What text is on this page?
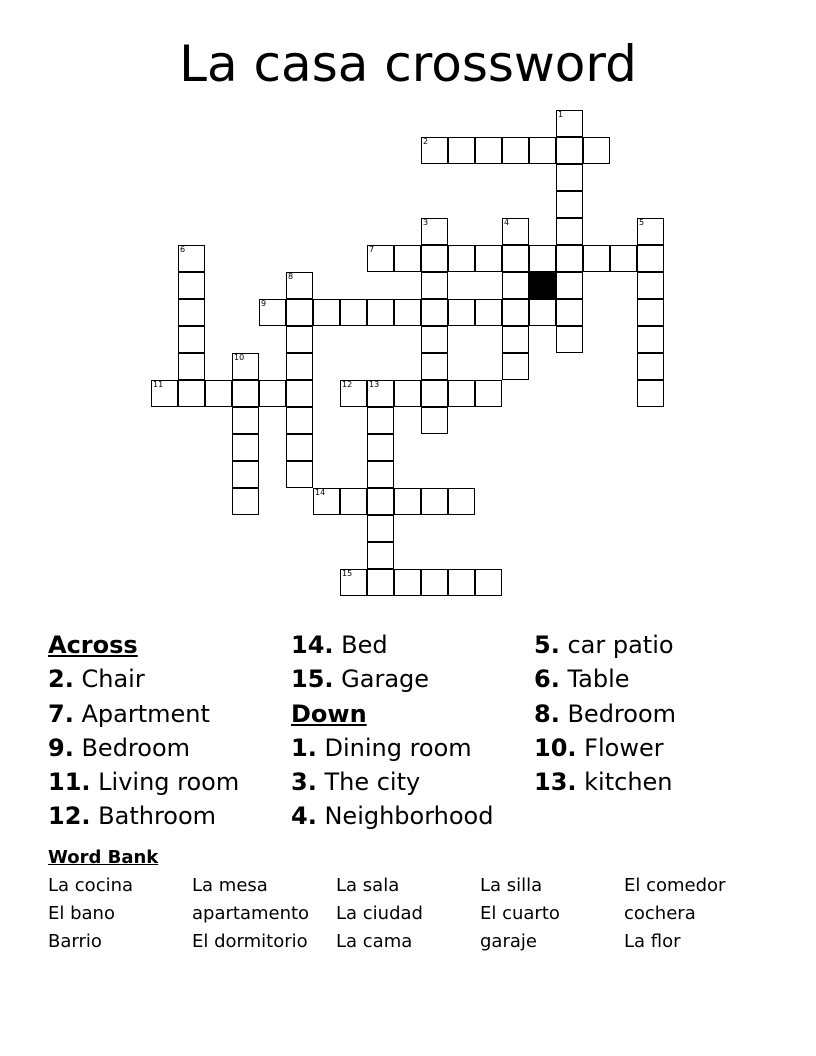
La casa crossword
1
2
3	4	5
6	7
8
9
10
11	12 13
14
15
Across
2. Chair
7. Apartment
9. Bedroom
11. Living room
12. Bathroom
14. Bed
15. Garage
Down
1. Dining room
3. The city
4. Neighborhood
5. car patio
6. Table
8. Bedroom
10. Flower
13. kitchen
Word Bank
La cocina	La mesa	La sala	La silla	El comedor
El bano	apartamento	La ciudad	El cuarto	cochera
Barrio	El dormitorio	La cama	garaje	La flor
